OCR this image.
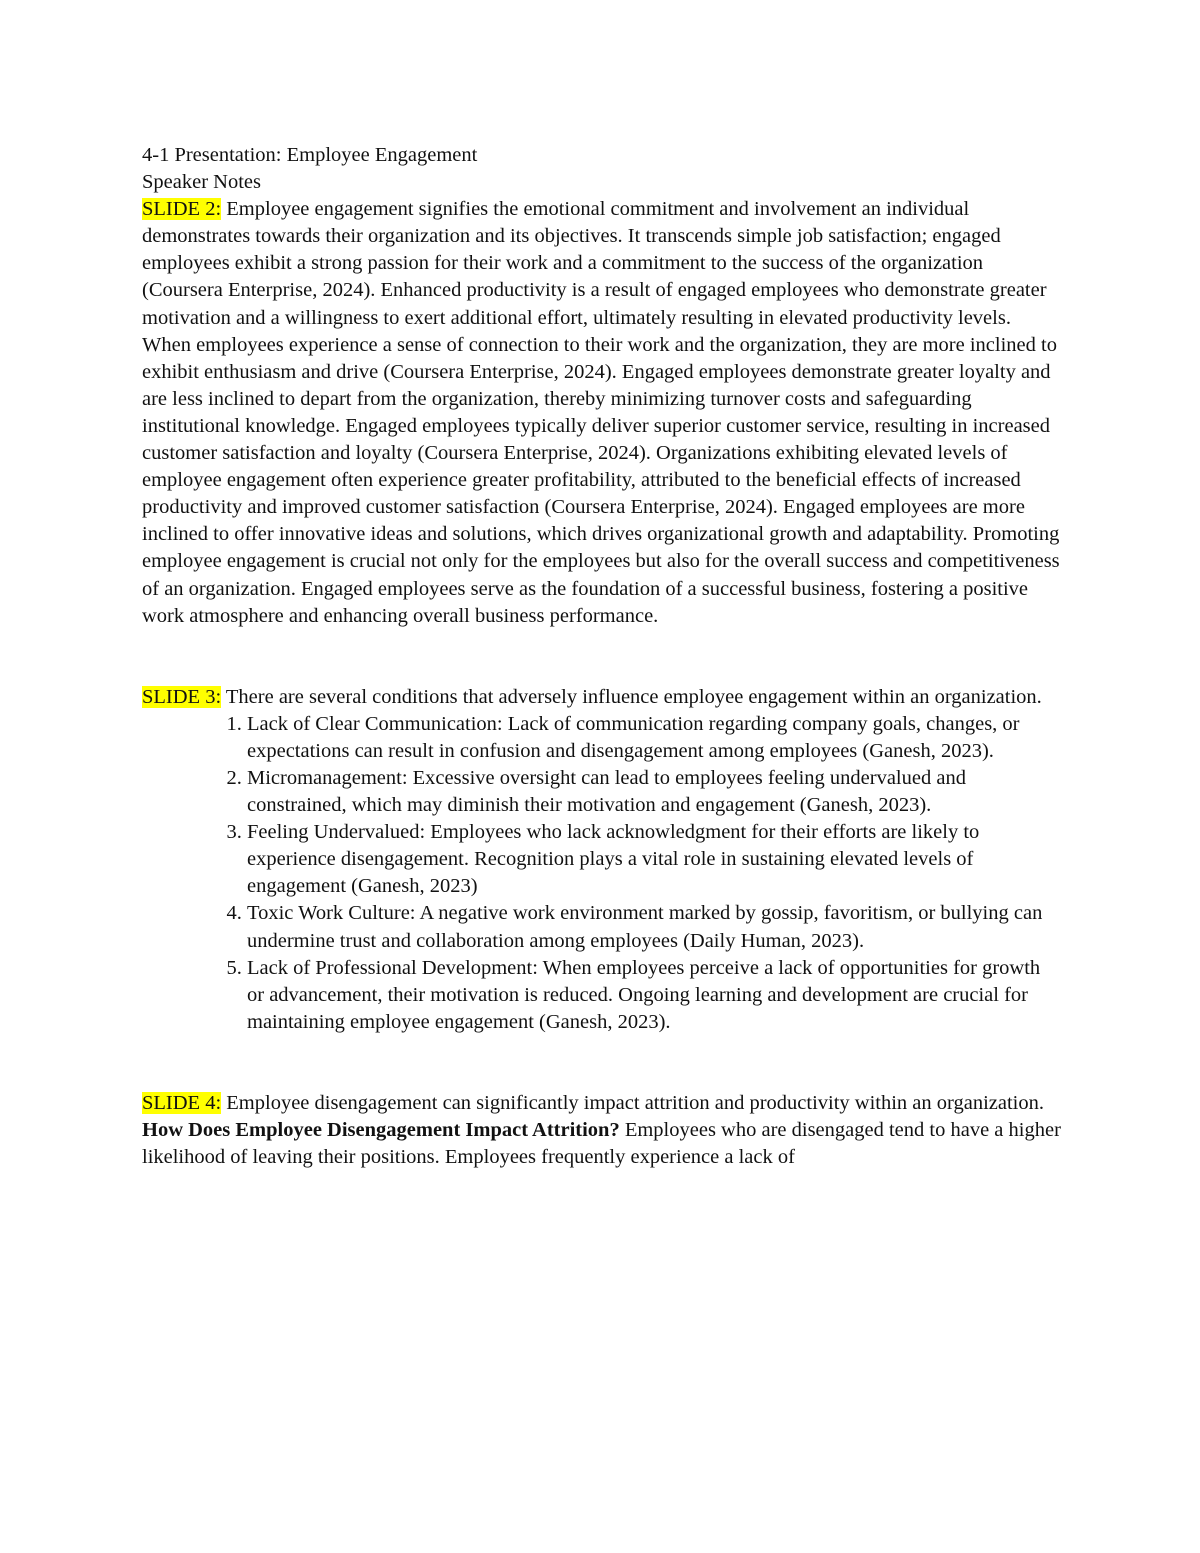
4-1 Presentation: Employee Engagement

Speaker Notes

SLIDE 2: Employee engagement signifies the emotional commitment and involvement an individual demonstrates towards their organization and its objectives. It transcends simple job satisfaction; engaged employees exhibit a strong passion for their work and a commitment to the success of the organization (Coursera Enterprise, 2024). Enhanced productivity is a result of engaged employees who demonstrate greater motivation and a willingness to exert additional effort, ultimately resulting in elevated productivity levels. When employees experience a sense of connection to their work and the organization, they are more inclined to exhibit enthusiasm and drive (Coursera Enterprise, 2024). Engaged employees demonstrate greater loyalty and are less inclined to depart from the organization, thereby minimizing turnover costs and safeguarding institutional knowledge. Engaged employees typically deliver superior customer service, resulting in increased customer satisfaction and loyalty (Coursera Enterprise, 2024). Organizations exhibiting elevated levels of employee engagement often experience greater profitability, attributed to the beneficial effects of increased productivity and improved customer satisfaction (Coursera Enterprise, 2024). Engaged employees are more inclined to offer innovative ideas and solutions, which drives organizational growth and adaptability. Promoting employee engagement is crucial not only for the employees but also for the overall success and competitiveness of an organization. Engaged employees serve as the foundation of a successful business, fostering a positive work atmosphere and enhancing overall business performance.

SLIDE 3: There are several conditions that adversely influence employee engagement within an organization.

1. Lack of Clear Communication: Lack of communication regarding company goals, changes, or expectations can result in confusion and disengagement among employees (Ganesh, 2023).
2. Micromanagement: Excessive oversight can lead to employees feeling undervalued and constrained, which may diminish their motivation and engagement (Ganesh, 2023).
3. Feeling Undervalued: Employees who lack acknowledgment for their efforts are likely to experience disengagement. Recognition plays a vital role in sustaining elevated levels of engagement (Ganesh, 2023)
4. Toxic Work Culture: A negative work environment marked by gossip, favoritism, or bullying can undermine trust and collaboration among employees (Daily Human, 2023).
5. Lack of Professional Development: When employees perceive a lack of opportunities for growth or advancement, their motivation is reduced. Ongoing learning and development are crucial for maintaining employee engagement (Ganesh, 2023).

SLIDE 4: Employee disengagement can significantly impact attrition and productivity within an organization.

How Does Employee Disengagement Impact Attrition? Employees who are disengaged tend to have a higher likelihood of leaving their positions. Employees frequently experience a lack of
